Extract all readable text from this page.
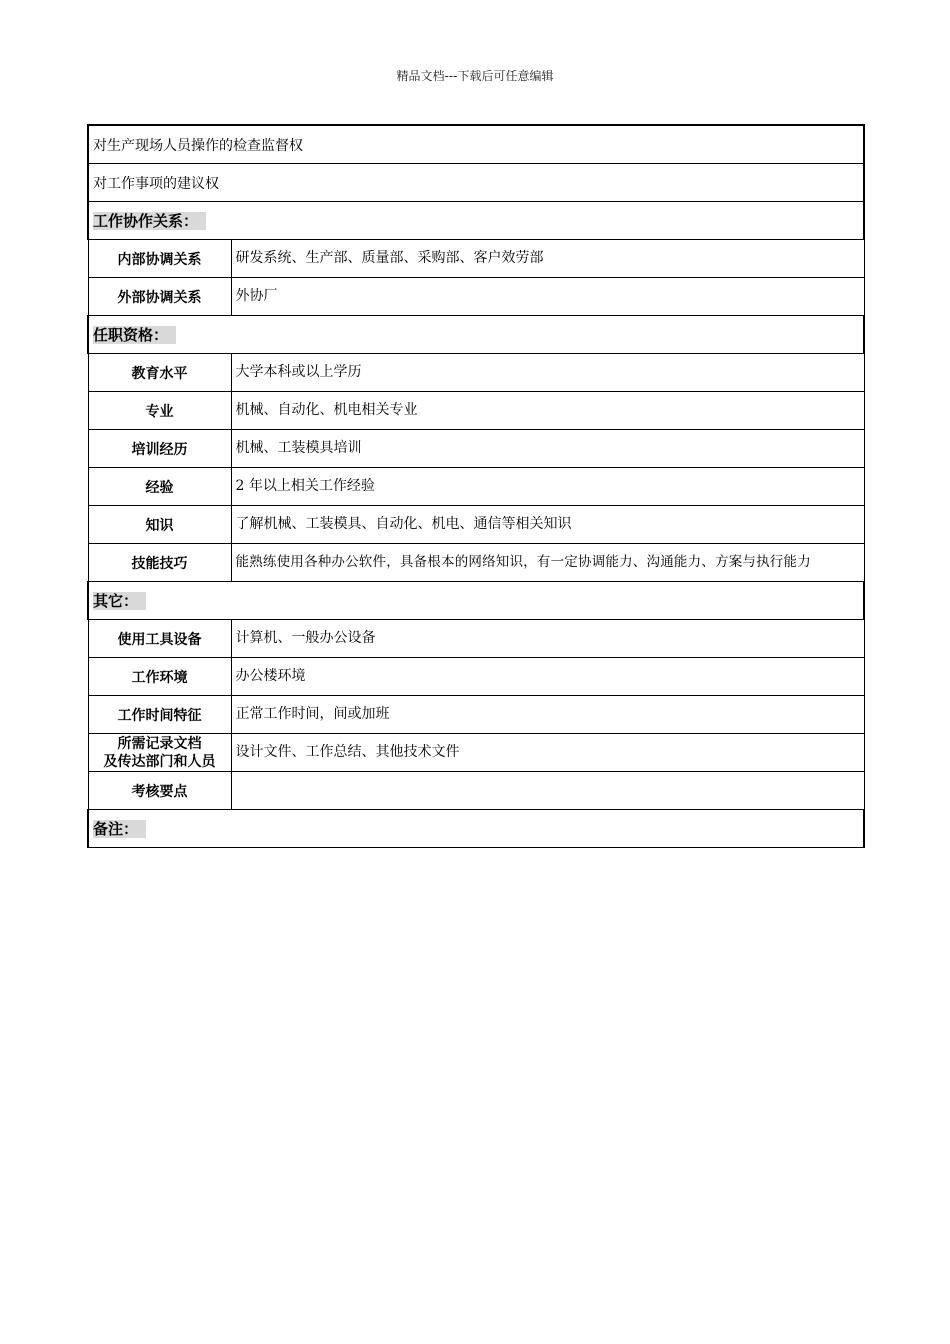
精品文档---下载后可任意编辑
对生产现场人员操作的检查监督权	
对工作事项的建议权	
工作协作关系：	
内部协调关系	研发系统、生产部、质量部、采购部、客户效劳部
外部协调关系	外协厂
任职资格：	
教育水平	大学本科或以上学历
专业	机械、自动化、机电相关专业
培训经历	机械、工装模具培训
经验	2 年以上相关工作经验
知识	了解机械、工装模具、自动化、机电、通信等相关知识
技能技巧	能熟练使用各种办公软件，具备根本的网络知识，有一定协调能力、沟通能力、方案与执行能力
其它：	
使用工具设备	计算机、一般办公设备
工作环境	办公楼环境
工作时间特征	正常工作时间，间或加班

所需记录文档
及传达部门和人员	设计文件、工作总结、其他技术文件
考核要点	
备注：	
